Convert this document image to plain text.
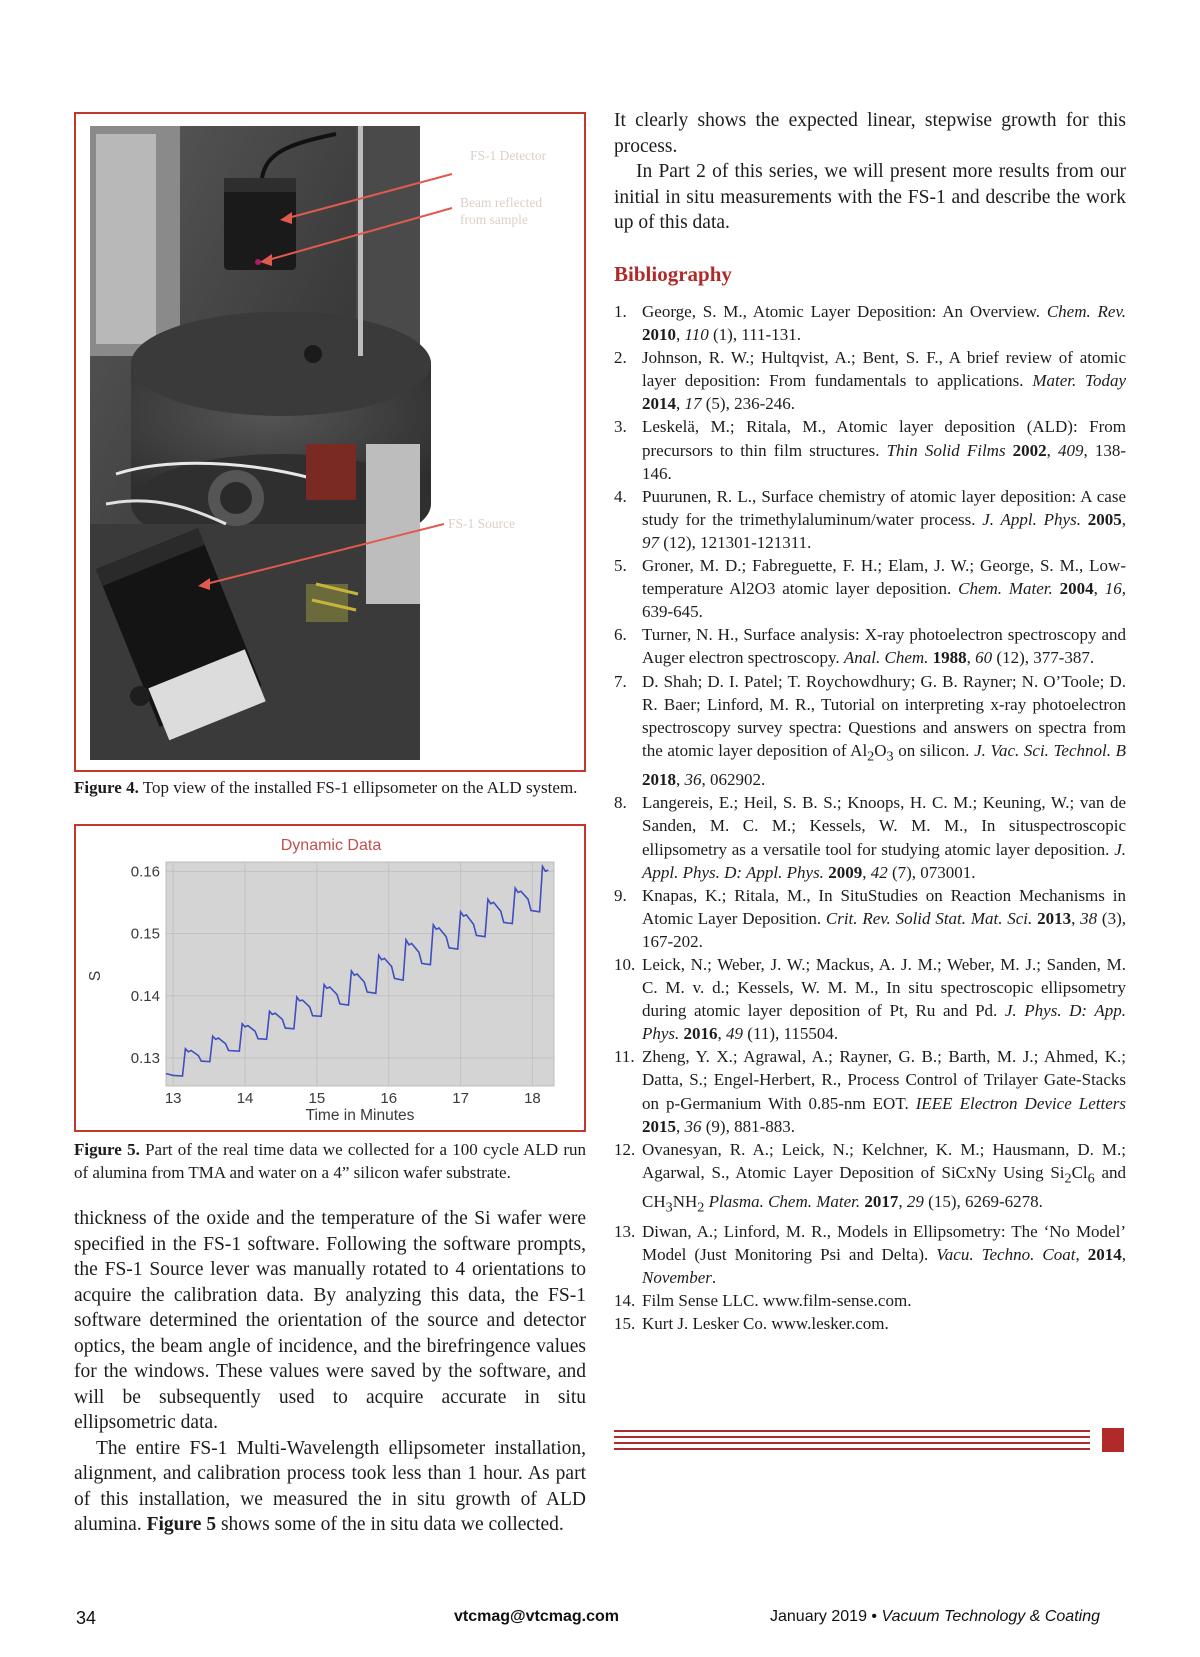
FS-1 Detector
Beam reflected
from sample
FS-1 Source
Figure 4. Top view of the installed FS-1 ellipsometer on the ALD system.
Dynamic Data
0.13
0.14
0.15
0.16
13	14	15	16	17	18
S
Time in Minutes
Figure 5. Part of the real time data we collected for a 100 cycle ALD run of alumina from TMA and water on a 4” silicon wafer substrate.

thickness of the oxide and the temperature of the Si wafer were specified in the FS-1 software. Following the software prompts, the FS-1 Source lever was manually rotated to 4 orientations to acquire the calibration data. By analyzing this data, the FS-1 software determined the orientation of the source and detector optics, the beam angle of incidence, and the birefringence values for the windows. These values were saved by the software, and will be subsequently used to acquire accurate in situ ellipsometric data.

The entire FS-1 Multi-Wavelength ellipsometer installation, alignment, and calibration process took less than 1 hour. As part of this installation, we measured the in situ growth of ALD alumina. Figure 5 shows some of the in situ data we collected.

It clearly shows the expected linear, stepwise growth for this process.

In Part 2 of this series, we will present more results from our initial in situ measurements with the FS-1 and describe the work up of this data.

Bibliography
1. George, S. M., Atomic Layer Deposition: An Overview. Chem. Rev. 2010, 110 (1), 111-131.
2. Johnson, R. W.; Hultqvist, A.; Bent, S. F., A brief review of atomic layer deposition: From fundamentals to applications. Mater. Today 2014, 17 (5), 236-246.
3. Leskelä, M.; Ritala, M., Atomic layer deposition (ALD): From precursors to thin film structures. Thin Solid Films 2002, 409, 138-146.
4. Puurunen, R. L., Surface chemistry of atomic layer deposition: A case study for the trimethylaluminum/water process. J. Appl. Phys. 2005, 97 (12), 121301-121311.
5. Groner, M. D.; Fabreguette, F. H.; Elam, J. W.; George, S. M., Low-temperature Al2O3 atomic layer deposition. Chem. Mater. 2004, 16, 639-645.
6. Turner, N. H., Surface analysis: X-ray photoelectron spectroscopy and Auger electron spectroscopy. Anal. Chem. 1988, 60 (12), 377-387.
7. D. Shah; D. I. Patel; T. Roychowdhury; G. B. Rayner; N. O’Toole; D. R. Baer; Linford, M. R., Tutorial on interpreting x-ray photoelectron spectroscopy survey spectra: Questions and answers on spectra from the atomic layer deposition of $Al_2O_3$ on silicon. J. Vac. Sci. Technol. B 2018, 36, 062902.
8. Langereis, E.; Heil, S. B. S.; Knoops, H. C. M.; Keuning, W.; van de Sanden, M. C. M.; Kessels, W. M. M., In situspectroscopic ellipsometry as a versatile tool for studying atomic layer deposition. J. Appl. Phys. D: Appl. Phys. 2009, 42 (7), 073001.
9. Knapas, K.; Ritala, M., In SituStudies on Reaction Mechanisms in Atomic Layer Deposition. Crit. Rev. Solid Stat. Mat. Sci. 2013, 38 (3), 167-202.
10. Leick, N.; Weber, J. W.; Mackus, A. J. M.; Weber, M. J.; Sanden, M. C. M. v. d.; Kessels, W. M. M., In situ spectroscopic ellipsometry during atomic layer deposition of Pt, Ru and Pd. J. Phys. D: App. Phys. 2016, 49 (11), 115504.
11. Zheng, Y. X.; Agrawal, A.; Rayner, G. B.; Barth, M. J.; Ahmed, K.; Datta, S.; Engel-Herbert, R., Process Control of Trilayer Gate-Stacks on p-Germanium With 0.85-nm EOT. IEEE Electron Device Letters 2015, 36 (9), 881-883.
12. Ovanesyan, R. A.; Leick, N.; Kelchner, K. M.; Hausmann, D. M.; Agarwal, S., Atomic Layer Deposition of SiCxNy Using $Si_2Cl_6$ and $CH_3NH_2$ Plasma. Chem. Mater. 2017, 29 (15), 6269-6278.
13. Diwan, A.; Linford, M. R., Models in Ellipsometry: The ‘No Model’ Model (Just Monitoring Psi and Delta). Vacu. Techno. Coat, 2014, November.
14. Film Sense LLC. www.film-sense.com.
15. Kurt J. Lesker Co. www.lesker.com.
34	vtcmag@vtcmag.com	January 2019 • Vacuum Technology & Coating
